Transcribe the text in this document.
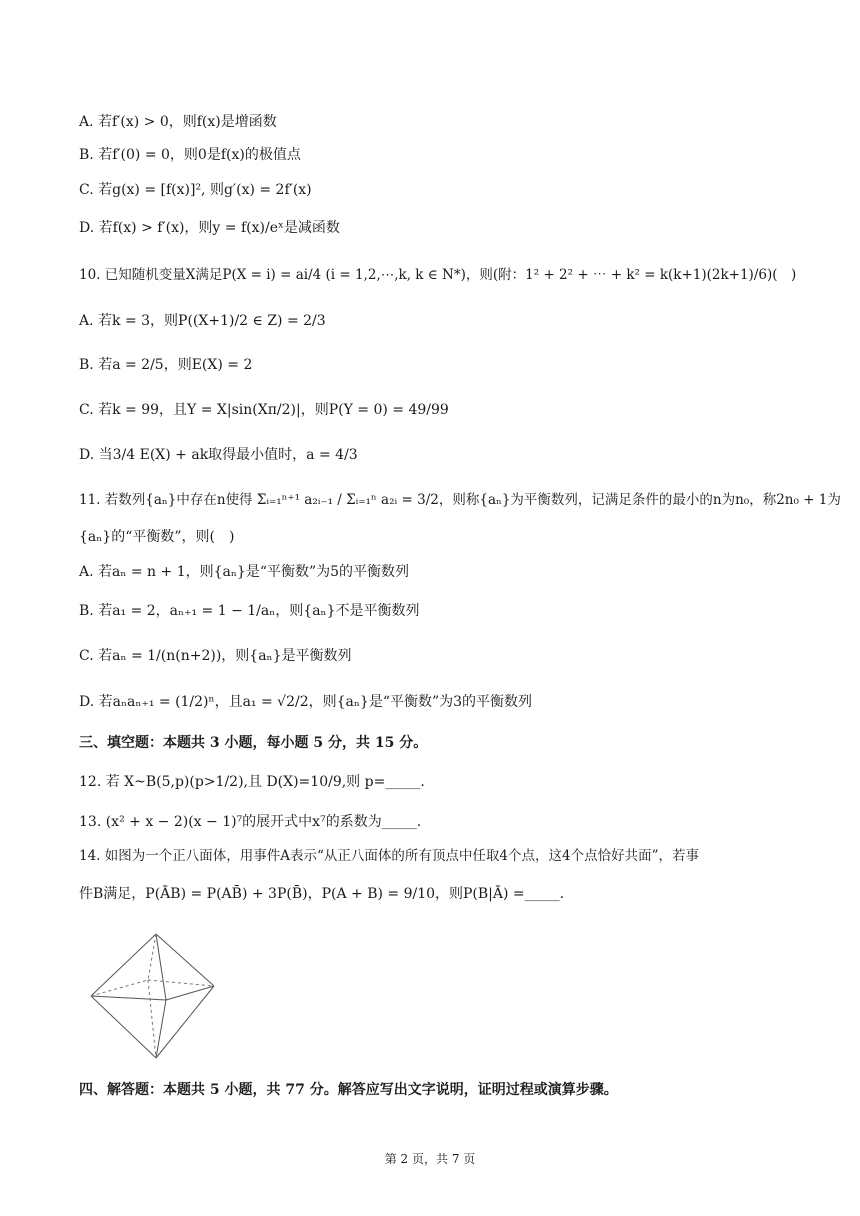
A. 若f′(x) > 0，则f(x)是增函数
B. 若f′(0) = 0，则0是f(x)的极值点
C. 若g(x) = [f(x)]², 则g′(x) = 2f′(x)
D. 若f(x) > f′(x)，则y = f(x)/eˣ是减函数
10. 已知随机变量X满足P(X = i) = ai/4 (i = 1,2,⋯,k, k ∈ N*)，则(附：1² + 2² + ⋯ + k² = k(k+1)(2k+1)/6)(　)
A. 若k = 3，则P((X+1)/2 ∈ Z) = 2/3
B. 若a = 2/5，则E(X) = 2
C. 若k = 99，且Y = X|sin(Xπ/2)|，则P(Y = 0) = 49/99
D. 当3/4 E(X) + ak取得最小值时，a = 4/3
11. 若数列{aₙ}中存在n使得 Σᵢ₌₁ⁿ⁺¹ a₂ᵢ₋₁ / Σᵢ₌₁ⁿ a₂ᵢ = 3/2，则称{aₙ}为平衡数列，记满足条件的最小的n为n₀，称2n₀ + 1为
{aₙ}的“平衡数”，则(　)
A. 若aₙ = n + 1，则{aₙ}是“平衡数”为5的平衡数列
B. 若a₁ = 2，aₙ₊₁ = 1 − 1/aₙ，则{aₙ}不是平衡数列
C. 若aₙ = 1/(n(n+2))，则{aₙ}是平衡数列
D. 若aₙaₙ₊₁ = (1/2)ⁿ，且a₁ = √2/2，则{aₙ}是“平衡数”为3的平衡数列
三、填空题：本题共 3 小题，每小题 5 分，共 15 分。
12. 若 X~B(5,p)(p>1/2),且 D(X)=10/9,则 p=_____.
13. (x² + x − 2)(x − 1)⁷的展开式中x⁷的系数为_____.
14. 如图为一个正八面体，用事件A表示“从正八面体的所有顶点中任取4个点，这4个点恰好共面”，若事
件B满足，P(ĀB) = P(AB̄) + 3P(B̄)，P(A + B) = 9/10，则P(B|Ā) =_____.
四、解答题：本题共 5 小题，共 77 分。解答应写出文字说明，证明过程或演算步骤。
第 2 页，共 7 页
